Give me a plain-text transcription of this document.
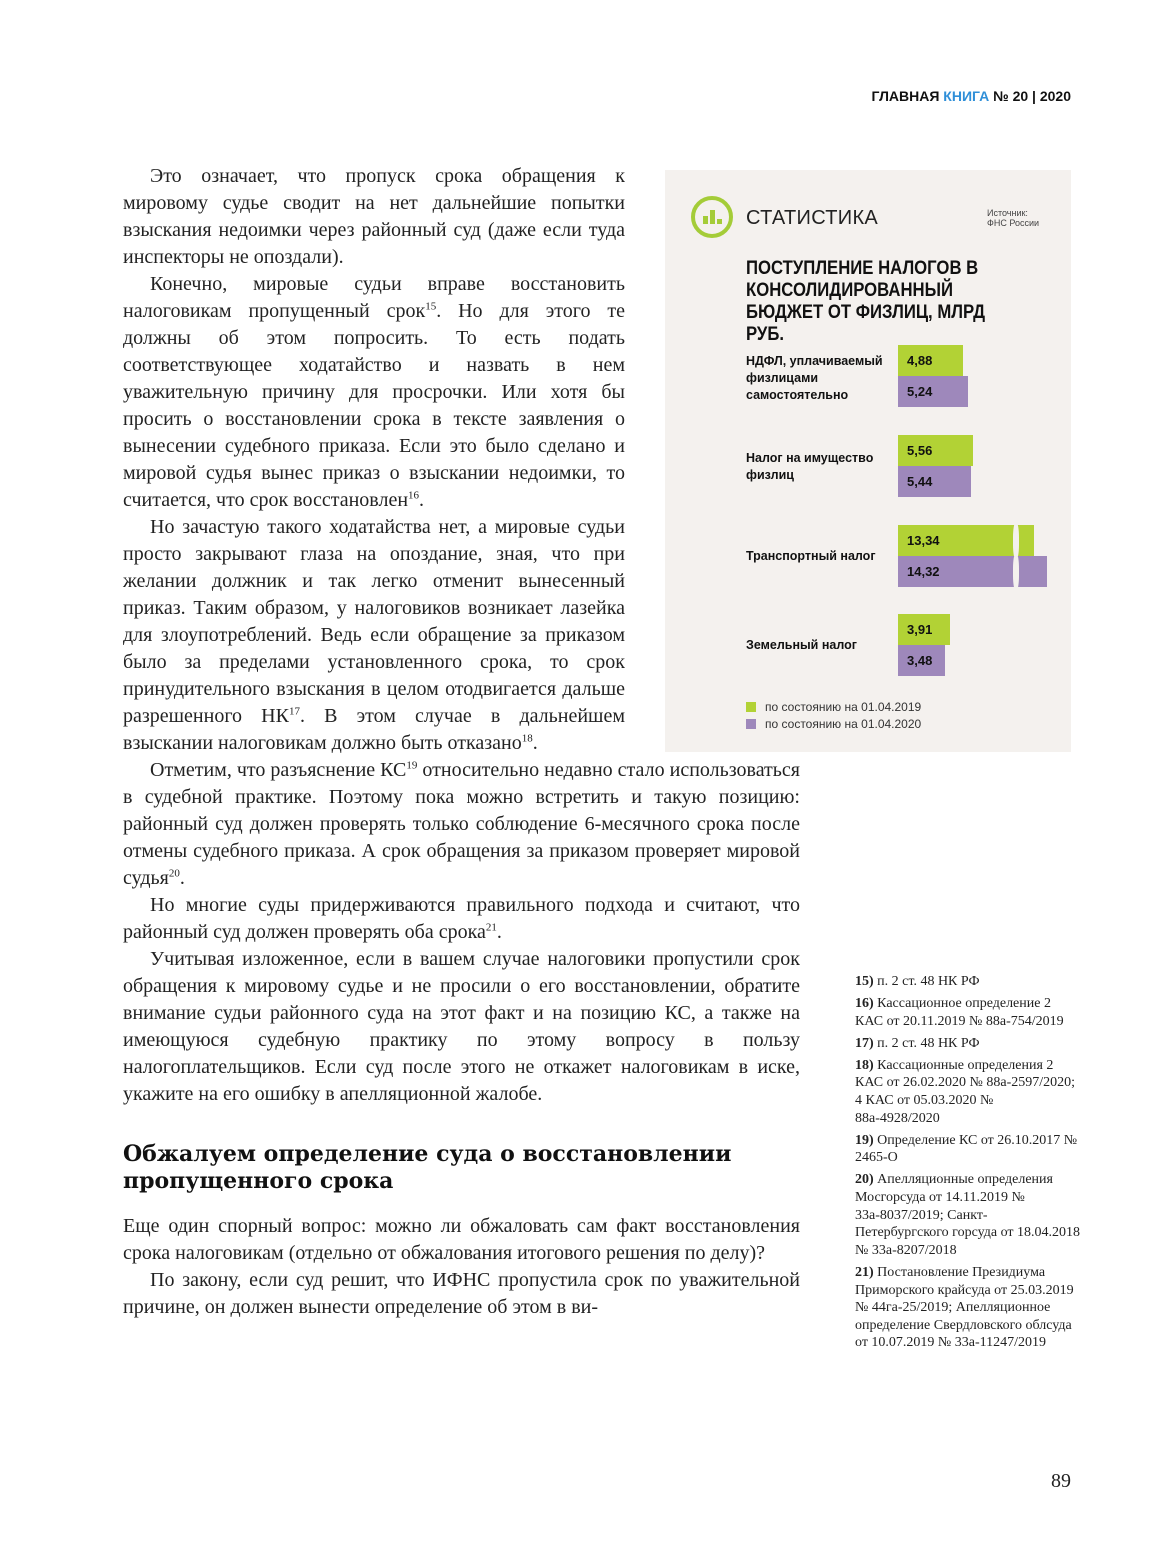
ГЛАВНАЯ КНИГА № 20 | 2020

Это означает, что пропуск срока обращения к мировому судье сводит на нет дальнейшие попытки взыскания недоимки через районный суд (даже если туда инспекторы не опоздали).

Конечно, мировые судьи вправе восстановить налоговикам пропущенный срок$^{15}$. Но для этого те должны об этом попросить. То есть подать соответствующее ходатайство и назвать в нем уважительную причину для просрочки. Или хотя бы просить о восстановлении срока в тексте заявления о вынесении судебного приказа. Если это было сделано и мировой судья вынес приказ о взыскании недоимки, то считается, что срок восстановлен$^{16}$.

Но зачастую такого ходатайства нет, а мировые судьи просто закрывают глаза на опоздание, зная, что при желании должник и так легко отменит вынесенный приказ. Таким образом, у налоговиков возникает лазейка для злоупотреблений. Ведь если обращение за приказом было за пределами установленного срока, то срок принудительного взыскания в целом отодвигается дальше разрешенного НК$^{17}$. В этом случае в дальнейшем взыскании налоговикам должно быть отказано$^{18}$.

Отметим, что разъяснение КС$^{19}$ относительно недавно стало использоваться в судебной практике. Поэтому пока можно встретить и такую позицию: районный суд должен проверять только соблюдение 6-месячного срока после отмены судебного приказа. А срок обращения за приказом проверяет мировой судья$^{20}$.

Но многие суды придерживаются правильного подхода и считают, что районный суд должен проверять оба срока$^{21}$.

Учитывая изложенное, если в вашем случае налоговики пропустили срок обращения к мировому судье и не просили о его восстановлении, обратите внимание судьи районного суда на этот факт и на позицию КС, а также на имеющуюся судебную практику по этому вопросу в пользу налогоплательщиков. Если суд после этого не откажет налоговикам в иске, укажите на его ошибку в апелляционной жалобе.

Обжалуем определение суда о восстановлении пропущенного срока

Еще один спорный вопрос: можно ли обжаловать сам факт восстановления срока налоговикам (отдельно от обжалования итогового решения по делу)?

По закону, если суд решит, что ИФНС пропустила срок по уважительной причине, он должен вынести определение об этом в ви-

СТАТИСТИКА	Источник:
ФНС России
ПОСТУПЛЕНИЕ НАЛОГОВ В КОНСОЛИДИРОВАННЫЙ БЮДЖЕТ ОТ ФИЗЛИЦ, МЛРД РУБ.
НДФЛ, уплачиваемый физлицами самостоятельно
4,88
5,24
Налог на имущество физлиц
5,56
5,44
Транспортный налог
13,34
14,32
Земельный налог
3,91
3,48
по состоянию на 01.04.2019
по состоянию на 01.04.2020
15) п. 2 ст. 48 НК РФ
16) Кассационное определение 2 КАС от 20.11.2019 № 88а-754/2019
17) п. 2 ст. 48 НК РФ
18) Кассационные определения 2 КАС от 26.02.2020 № 88а-2597/2020; 4 КАС от 05.03.2020 № 88а-4928/2020
19) Определение КС от 26.10.2017 № 2465-О
20) Апелляционные определения Мосгорсуда от 14.11.2019 № 33а-8037/2019; Санкт-Петербургского горсуда от 18.04.2018 № 33а-8207/2018
21) Постановление Президиума Приморского крайсуда от 25.03.2019 № 44га-25/2019; Апелляционное определение Свердловского облсуда от 10.07.2019 № 33а-11247/2019
89
